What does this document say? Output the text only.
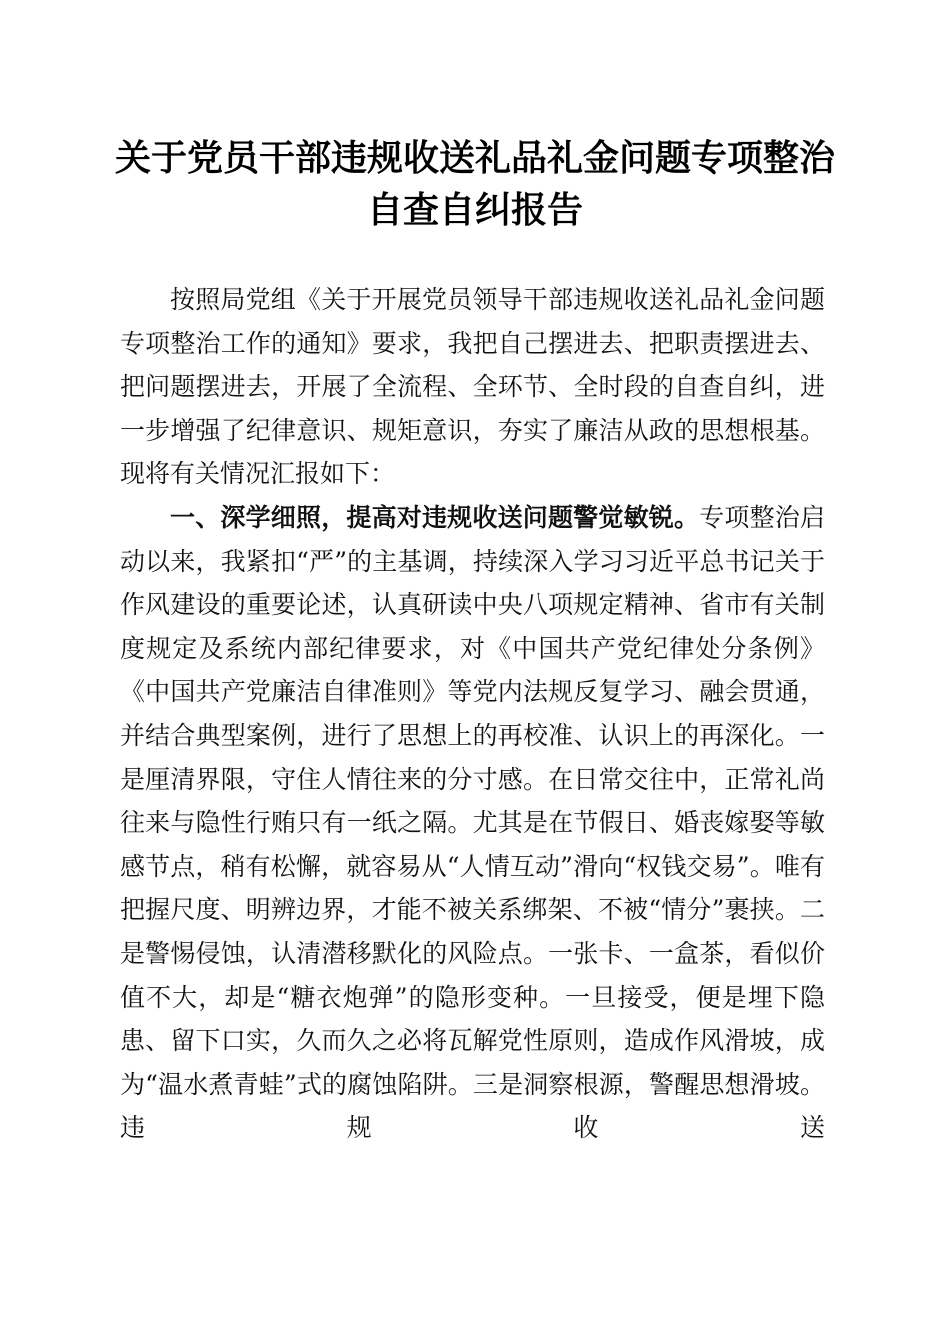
关于党员干部违规收送礼品礼金问题专项整治
自查自纠报告

按照局党组《关于开展党员领导干部违规收送礼品礼金问题专项整治工作的通知》要求，我把自己摆进去、把职责摆进去、把问题摆进去，开展了全流程、全环节、全时段的自查自纠，进一步增强了纪律意识、规矩意识，夯实了廉洁从政的思想根基。现将有关情况汇报如下：

一、深学细照，提高对违规收送问题警觉敏锐。专项整治启动以来，我紧扣“严”的主基调，持续深入学习习近平总书记关于作风建设的重要论述，认真研读中央八项规定精神、省市有关制度规定及系统内部纪律要求，对《中国共产党纪律处分条例》《中国共产党廉洁自律准则》等党内法规反复学习、融会贯通，并结合典型案例，进行了思想上的再校准、认识上的再深化。一是厘清界限，守住人情往来的分寸感。在日常交往中，正常礼尚往来与隐性行贿只有一纸之隔。尤其是在节假日、婚丧嫁娶等敏感节点，稍有松懈，就容易从“人情互动”滑向“权钱交易”。唯有把握尺度、明辨边界，才能不被关系绑架、不被“情分”裹挟。二是警惕侵蚀，认清潜移默化的风险点。一张卡、一盒茶，看似价值不大，却是“糖衣炮弹”的隐形变种。一旦接受，便是埋下隐患、留下口实，久而久之必将瓦解党性原则，造成作风滑坡，成为“温水煮青蛙”式的腐蚀陷阱。三是洞察根源，警醒思想滑坡。违规收送
